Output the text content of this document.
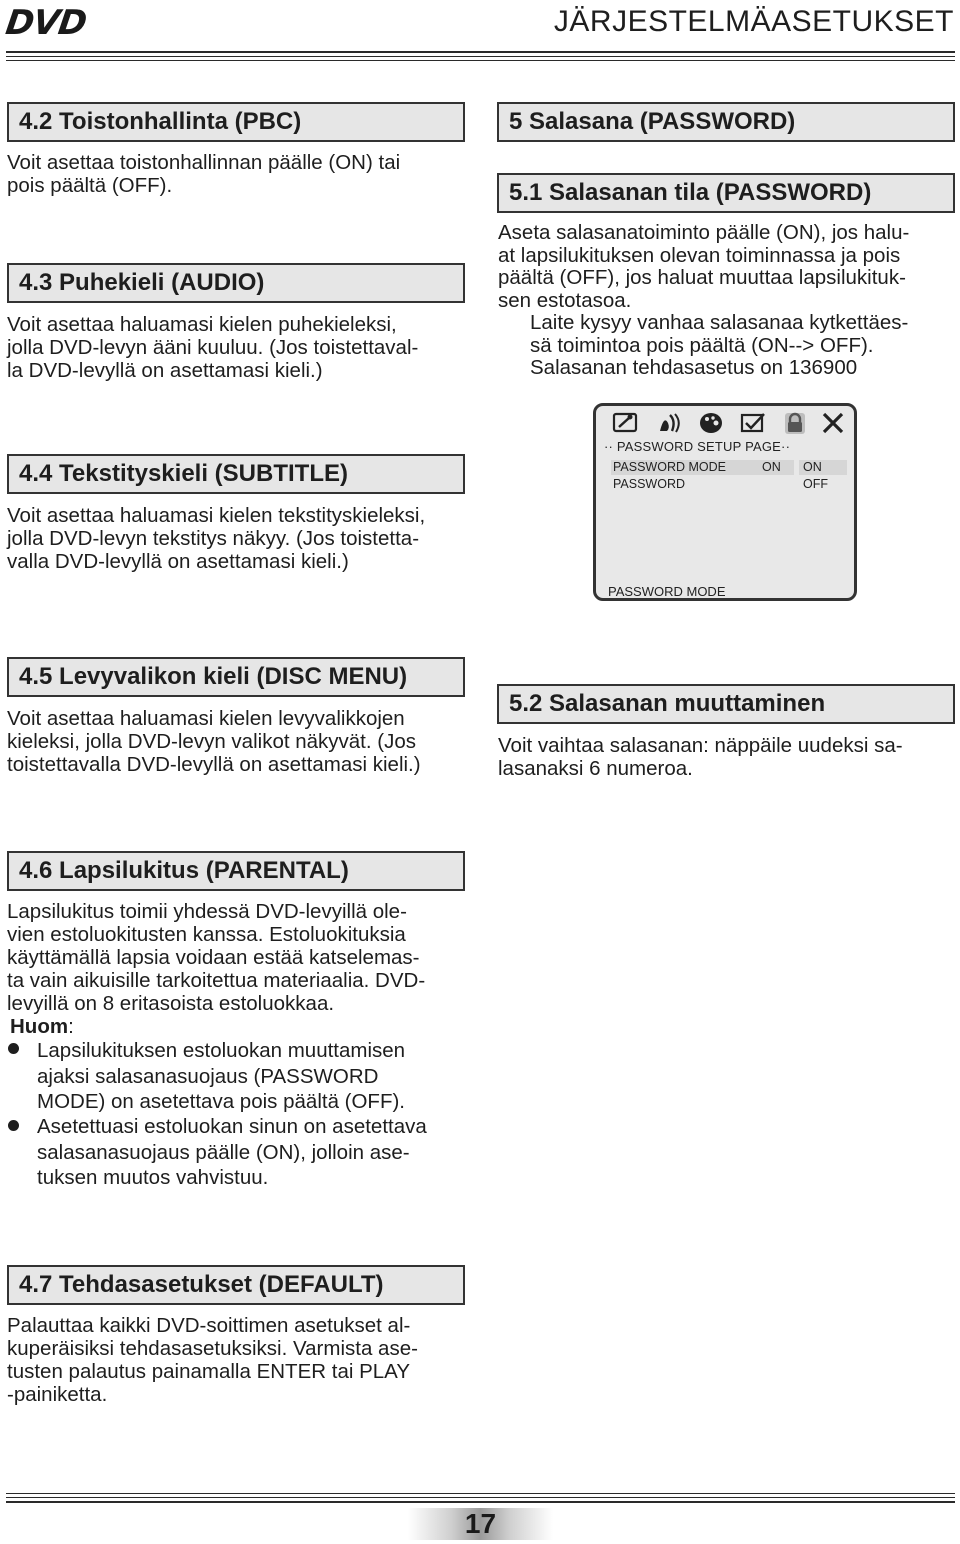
DVD	JÄRJESTELMÄASETUKSET
4.2 Toistonhallinta (PBC)

Voit asettaa toistonhallinnan päälle (ON) tai

pois päältä (OFF).

4.3 Puhekieli (AUDIO)

Voit asettaa haluamasi kielen puhekieleksi,

jolla DVD-levyn ääni kuuluu. (Jos toistettaval-

la DVD-levyllä on asettamasi kieli.)

4.4 Tekstityskieli (SUBTITLE)

Voit asettaa haluamasi kielen tekstityskieleksi,

jolla DVD-levyn tekstitys näkyy. (Jos toistetta-

valla DVD-levyllä on asettamasi kieli.)

4.5 Levyvalikon kieli (DISC MENU)

Voit asettaa haluamasi kielen levyvalikkojen

kieleksi, jolla DVD-levyn valikot näkyvät. (Jos

toistettavalla DVD-levyllä on asettamasi kieli.)

4.6 Lapsilukitus (PARENTAL)

Lapsilukitus toimii yhdessä DVD-levyillä ole-

vien estoluokitusten kanssa. Estoluokituksia

käyttämällä lapsia voidaan estää katselemas-

ta vain aikuisille tarkoitettua materiaalia. DVD-

levyillä on 8 eritasoista estoluokkaa.

Huom:

Lapsilukituksen estoluokan muuttamisen

ajaksi salasanasuojaus (PASSWORD

MODE) on asetettava pois päältä (OFF).

Asetettuasi estoluokan sinun on asetettava

salasanasuojaus päälle (ON), jolloin ase-

tuksen muutos vahvistuu.

4.7 Tehdasasetukset (DEFAULT)

Palauttaa kaikki DVD-soittimen asetukset al-

kuperäisiksi tehdasasetuksiksi. Varmista ase-

tusten palautus painamalla ENTER tai PLAY

-painiketta.

5 Salasana (PASSWORD)
5.1 Salasanan tila (PASSWORD)

Aseta salasanatoiminto päälle (ON), jos halu-

at lapsilukituksen olevan toiminnassa ja pois

päältä (OFF), jos haluat muuttaa lapsilukituk-

sen estotasoa.

Laite kysyy vanhaa salasanaa kytkettäes-

sä toimintoa pois päältä (ON--> OFF).

Salasanan tehdasasetus on 136900

·· PASSWORD SETUP PAGE··
PASSWORD MODE	ON ON
PASSWORD	OFF
PASSWORD MODE
5.2 Salasanan muuttaminen

Voit vaihtaa salasanan: näppäile uudeksi sa-

lasanaksi 6 numeroa.

17
